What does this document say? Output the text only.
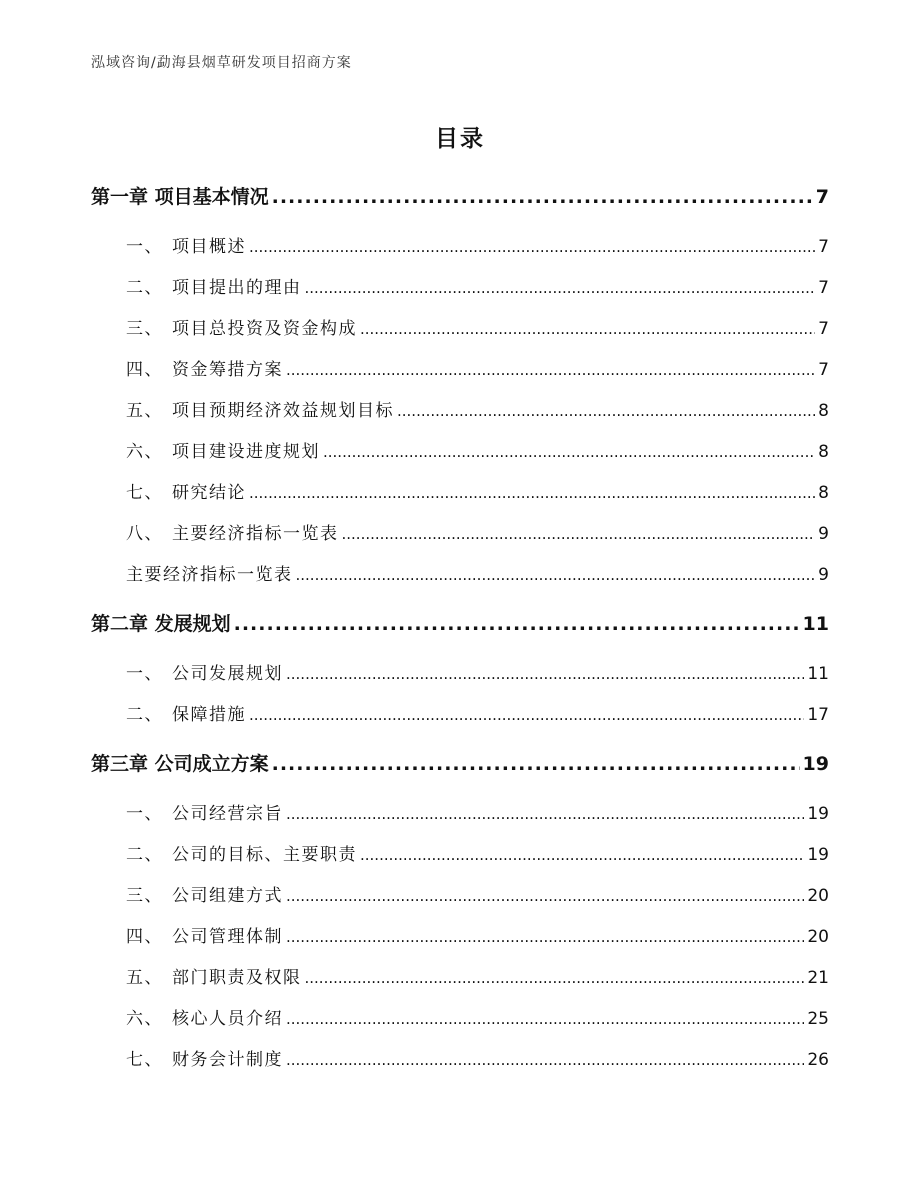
泓域咨询/勐海县烟草研发项目招商方案
目录
第一章 项目基本情况 .....	7
一、 项目概述 .....	7
二、 项目提出的理由 .....	7
三、 项目总投资及资金构成 .....	7
四、 资金筹措方案 .....	7
五、 项目预期经济效益规划目标 .....	8
六、 项目建设进度规划 .....	8
七、 研究结论 .....	8
八、 主要经济指标一览表 .....	9
主要经济指标一览表 .....	9
第二章 发展规划 .....	11
一、 公司发展规划 .....	11
二、 保障措施 .....	17
第三章 公司成立方案 .....	19
一、 公司经营宗旨 .....	19
二、 公司的目标、主要职责 .....	19
三、 公司组建方式 .....	20
四、 公司管理体制 .....	20
五、 部门职责及权限 .....	21
六、 核心人员介绍 .....	25
七、 财务会计制度 .....	26
